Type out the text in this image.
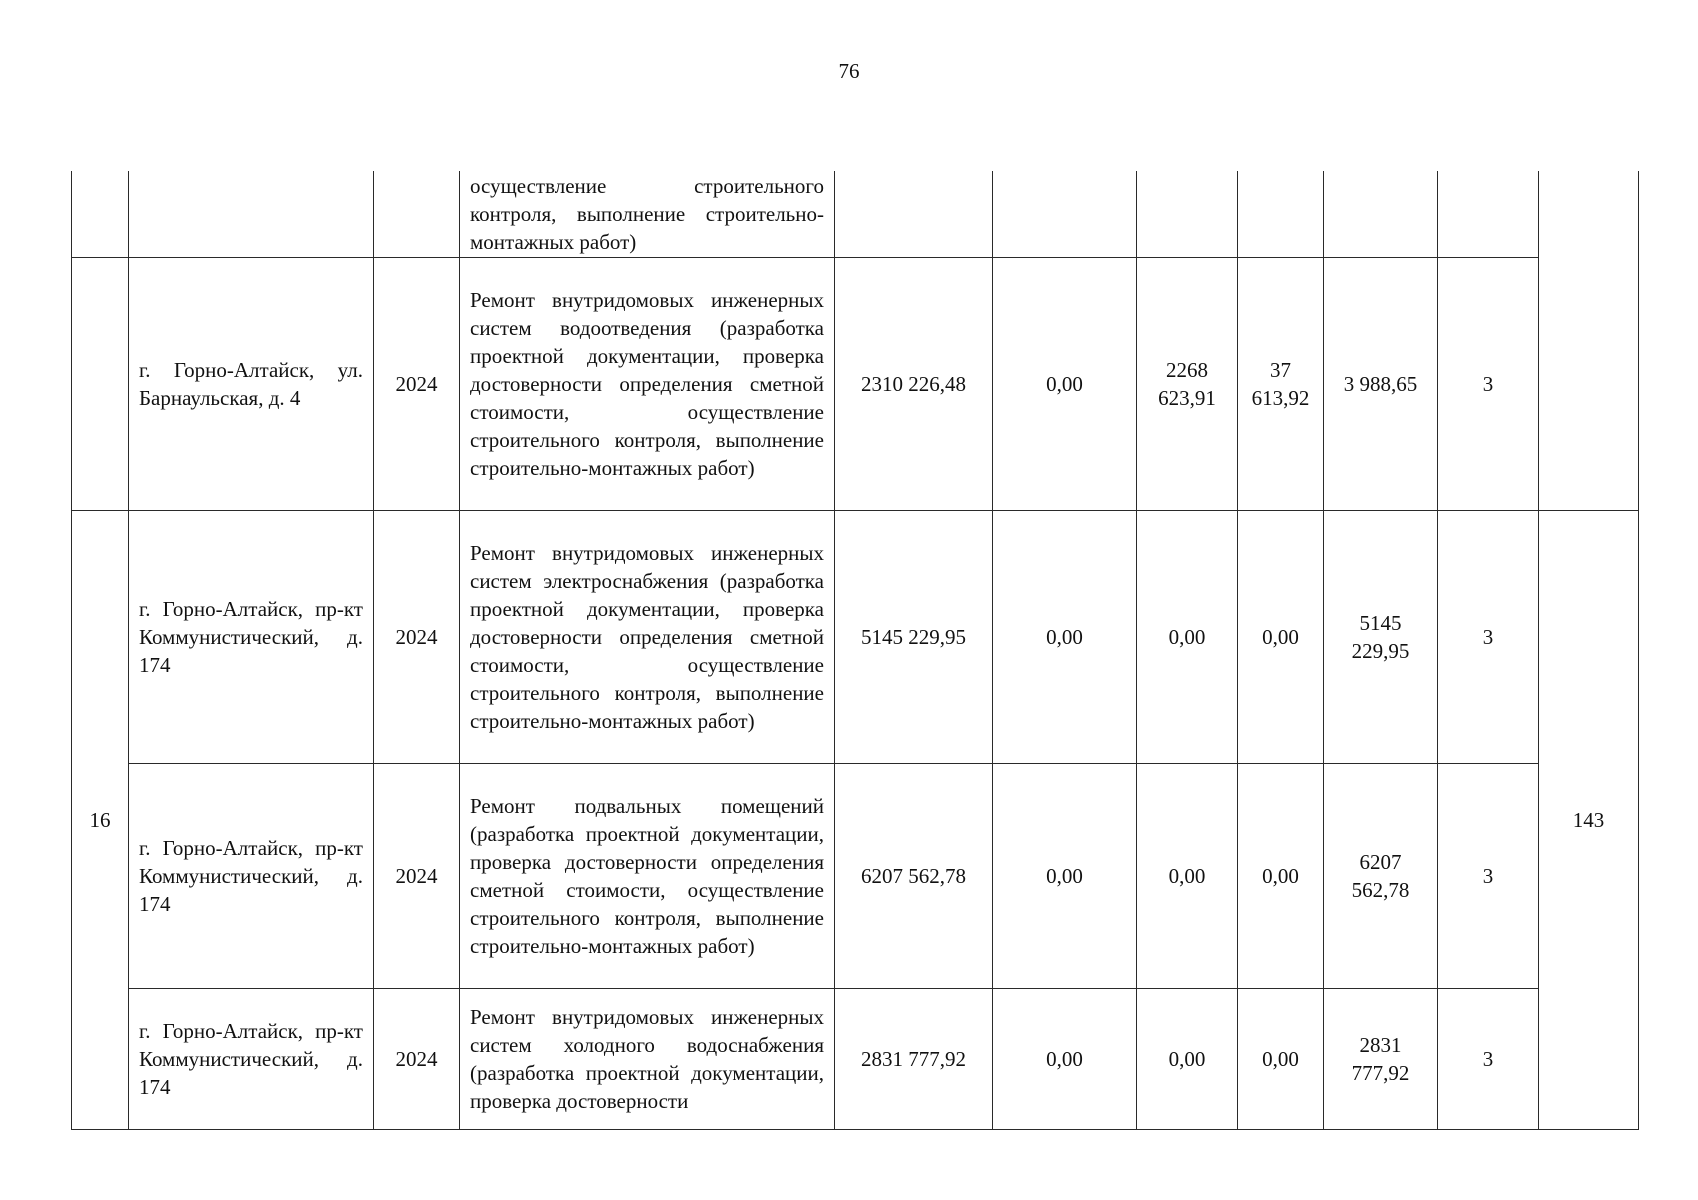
76
			осуществление строительного контроля, выполнение строительно-монтажных работ)							
	г. Горно-Алтайск, ул. Барнаульская, д. 4	2024	Ремонт внутридомовых инженерных систем водоотведения (разработка проектной документации, проверка достоверности определения сметной стоимости, осуществление строительного контроля, выполнение строительно-монтажных работ)	2310 226,48	0,00	2268 623,91	37 613,92	3 988,65	3	
16	г. Горно-Алтайск, пр-кт Коммунистический, д. 174	2024	Ремонт внутридомовых инженерных систем электроснабжения (разработка проектной документации, проверка достоверности определения сметной стоимости, осуществление строительного контроля, выполнение строительно-монтажных работ)	5145 229,95	0,00	0,00	0,00	5145 229,95	3	143
	г. Горно-Алтайск, пр-кт Коммунистический, д. 174	2024	Ремонт подвальных помещений (разработка проектной документации, проверка достоверности определения сметной стоимости, осуществление строительного контроля, выполнение строительно-монтажных работ)	6207 562,78	0,00	0,00	0,00	6207 562,78	3	
	г. Горно-Алтайск, пр-кт Коммунистический, д. 174	2024	Ремонт внутридомовых инженерных систем холодного водоснабжения (разработка проектной документации, проверка достоверности	2831 777,92	0,00	0,00	0,00	2831 777,92	3	
